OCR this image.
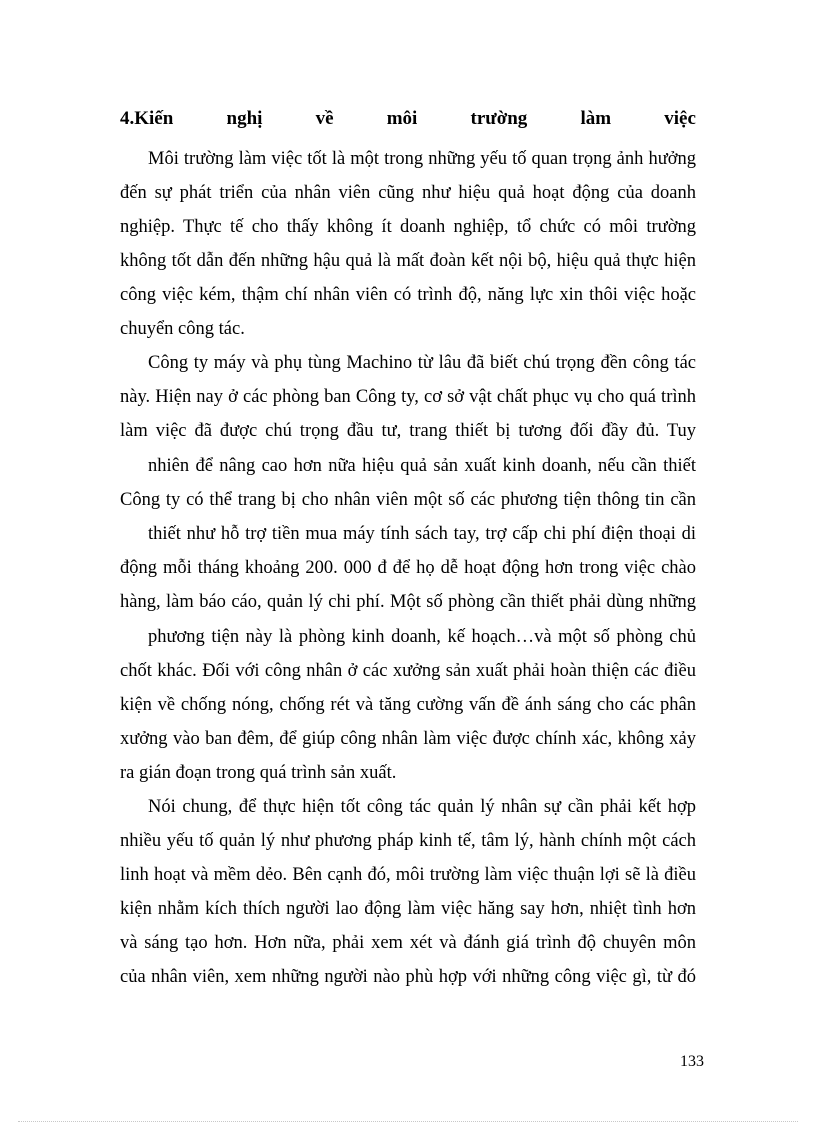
4.Kiến	nghị	về	môi	trường	làm	việc
Môi trường làm việc tốt là một trong những yếu tố quan trọng ảnh hưởng
đến sự phát triển của nhân viên cũng như hiệu quả hoạt động của doanh
nghiệp. Thực tế cho thấy không ít doanh nghiệp, tổ chức có môi trường
không tốt dẫn đến những hậu quả là mất đoàn kết nội bộ, hiệu quả thực hiện
công việc kém, thậm chí nhân viên có trình độ, năng lực xin thôi việc hoặc
chuyển công tác.
Công ty máy và phụ tùng Machino từ lâu đã biết chú trọng đền công tác
này. Hiện nay ở các phòng ban Công ty, cơ sở vật chất phục vụ cho quá trình
làm việc đã được chú trọng đầu tư, trang thiết bị tương đối đầy đủ. Tuy
nhiên để nâng cao hơn nữa hiệu quả sản xuất kinh doanh, nếu cần thiết
Công ty có thể trang bị cho nhân viên một số các phương tiện thông tin cần
thiết như hỗ trợ tiền mua máy tính sách tay, trợ cấp chi phí điện thoại di
động mỗi tháng khoảng 200. 000 đ để họ dễ hoạt động hơn trong việc chào
hàng, làm báo cáo, quản lý chi phí. Một số phòng cần thiết phải dùng những
phương tiện này là phòng kinh doanh, kế hoạch…và một số phòng chủ
chốt khác. Đối với công nhân ở các xưởng sản xuất phải hoàn thiện các điều
kiện về chống nóng, chống rét và tăng cường vấn đề ánh sáng cho các phân
xưởng vào ban đêm, để giúp công nhân làm việc được chính xác, không xảy
ra gián đoạn trong quá trình sản xuất.
Nói chung, để thực hiện tốt công tác quản lý nhân sự cần phải kết hợp
nhiều yếu tố quản lý như phương pháp kinh tế, tâm lý, hành chính một cách
linh hoạt và mềm dẻo. Bên cạnh đó, môi trường làm việc thuận lợi sẽ là điều
kiện nhằm kích thích người lao động làm việc hăng say hơn, nhiệt tình hơn
và sáng tạo hơn. Hơn nữa, phải xem xét và đánh giá trình độ chuyên môn
của nhân viên, xem những người nào phù hợp với những công việc gì, từ đó
133
